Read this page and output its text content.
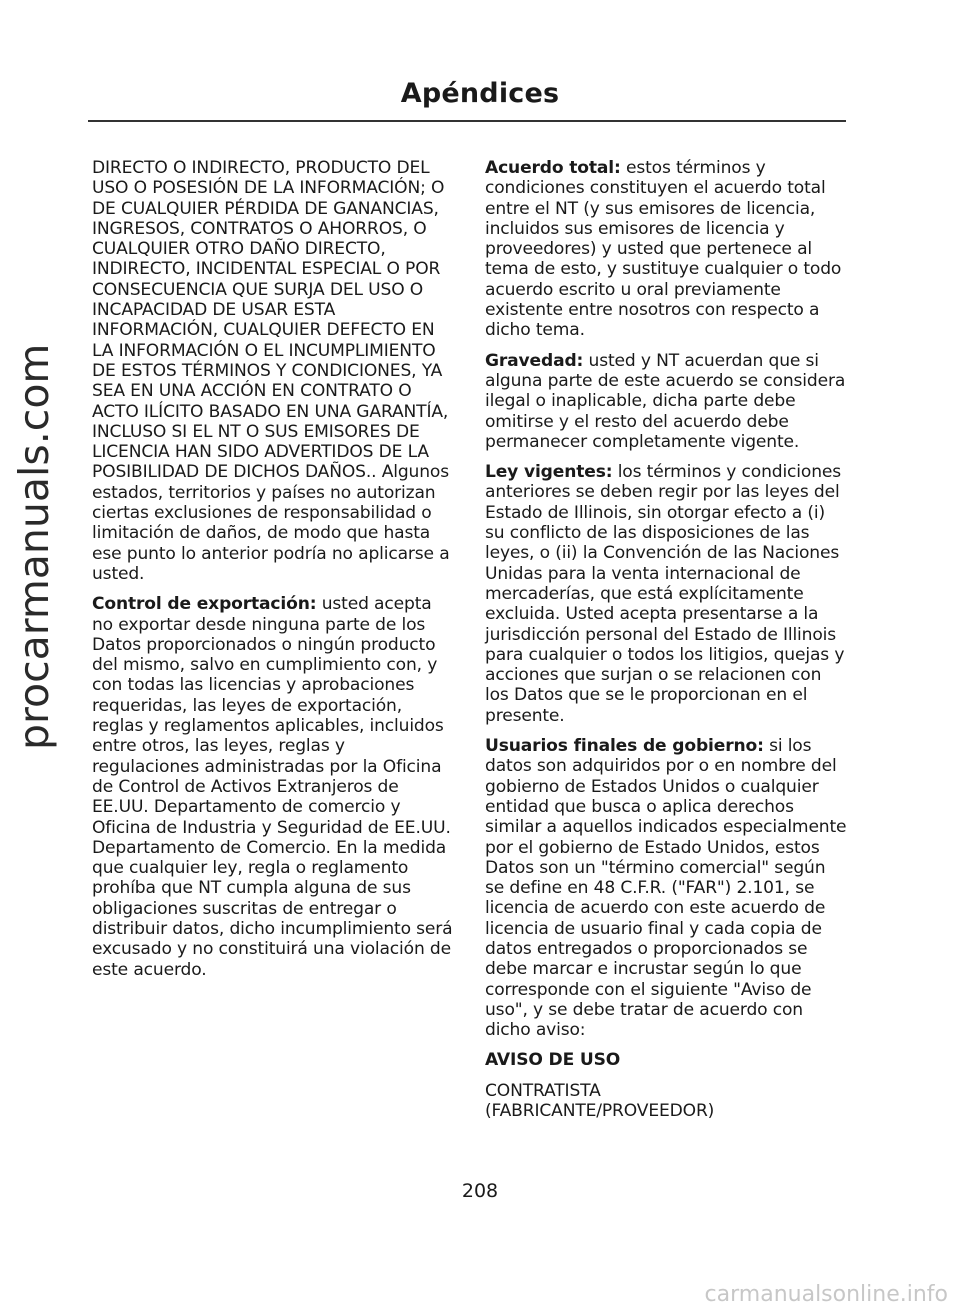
Apéndices

DIRECTO O INDIRECTO, PRODUCTO DEL USO O POSESIÓN DE LA INFORMACIÓN; O DE CUALQUIER PÉRDIDA DE GANANCIAS, INGRESOS, CONTRATOS O AHORROS, O CUALQUIER OTRO DAÑO DIRECTO, INDIRECTO, INCIDENTAL ESPECIAL O POR CONSECUENCIA QUE SURJA DEL USO O INCAPACIDAD DE USAR ESTA INFORMACIÓN, CUALQUIER DEFECTO EN LA INFORMACIÓN O EL INCUMPLIMIENTO DE ESTOS TÉRMINOS Y CONDICIONES, YA SEA EN UNA ACCIÓN EN CONTRATO O ACTO ILÍCITO BASADO EN UNA GARANTÍA, INCLUSO SI EL NT O SUS EMISORES DE LICENCIA HAN SIDO ADVERTIDOS DE LA POSIBILIDAD DE DICHOS DAÑOS.. Algunos estados, territorios y países no autorizan ciertas exclusiones de responsabilidad o limitación de daños, de modo que hasta ese punto lo anterior podría no aplicarse a usted.

Control de exportación: usted acepta no exportar desde ninguna parte de los Datos proporcionados o ningún producto del mismo, salvo en cumplimiento con, y con todas las licencias y aprobaciones requeridas, las leyes de exportación, reglas y reglamentos aplicables, incluidos entre otros, las leyes, reglas y regulaciones administradas por la Oficina de Control de Activos Extranjeros de EE.UU. Departamento de comercio y Oficina de Industria y Seguridad de EE.UU. Departamento de Comercio. En la medida que cualquier ley, regla o reglamento prohíba que NT cumpla alguna de sus obligaciones suscritas de entregar o distribuir datos, dicho incumplimiento será excusado y no constituirá una violación de este acuerdo.

Acuerdo total: estos términos y condiciones constituyen el acuerdo total entre el NT (y sus emisores de licencia, incluidos sus emisores de licencia y proveedores) y usted que pertenece al tema de esto, y sustituye cualquier o todo acuerdo escrito u oral previamente existente entre nosotros con respecto a dicho tema.

Gravedad: usted y NT acuerdan que si alguna parte de este acuerdo se considera ilegal o inaplicable, dicha parte debe omitirse y el resto del acuerdo debe permanecer completamente vigente.

Ley vigentes: los términos y condiciones anteriores se deben regir por las leyes del Estado de Illinois, sin otorgar efecto a (i) su conflicto de las disposiciones de las leyes, o (ii) la Convención de las Naciones Unidas para la venta internacional de mercaderías, que está explícitamente excluida. Usted acepta presentarse a la jurisdicción personal del Estado de Illinois para cualquier o todos los litigios, quejas y acciones que surjan o se relacionen con los Datos que se le proporcionan en el presente.

Usuarios finales de gobierno: si los datos son adquiridos por o en nombre del gobierno de Estados Unidos o cualquier entidad que busca o aplica derechos similar a aquellos indicados especialmente por el gobierno de Estado Unidos, estos Datos son un "término comercial" según se define en 48 C.F.R. ("FAR") 2.101, se licencia de acuerdo con este acuerdo de licencia de usuario final y cada copia de datos entregados o proporcionados se debe marcar e incrustar según lo que corresponde con el siguiente "Aviso de uso", y se debe tratar de acuerdo con dicho aviso:

AVISO DE USO

CONTRATISTA
(FABRICANTE/PROVEEDOR)

procarmanuals.com
208
carmanualsonline.info
